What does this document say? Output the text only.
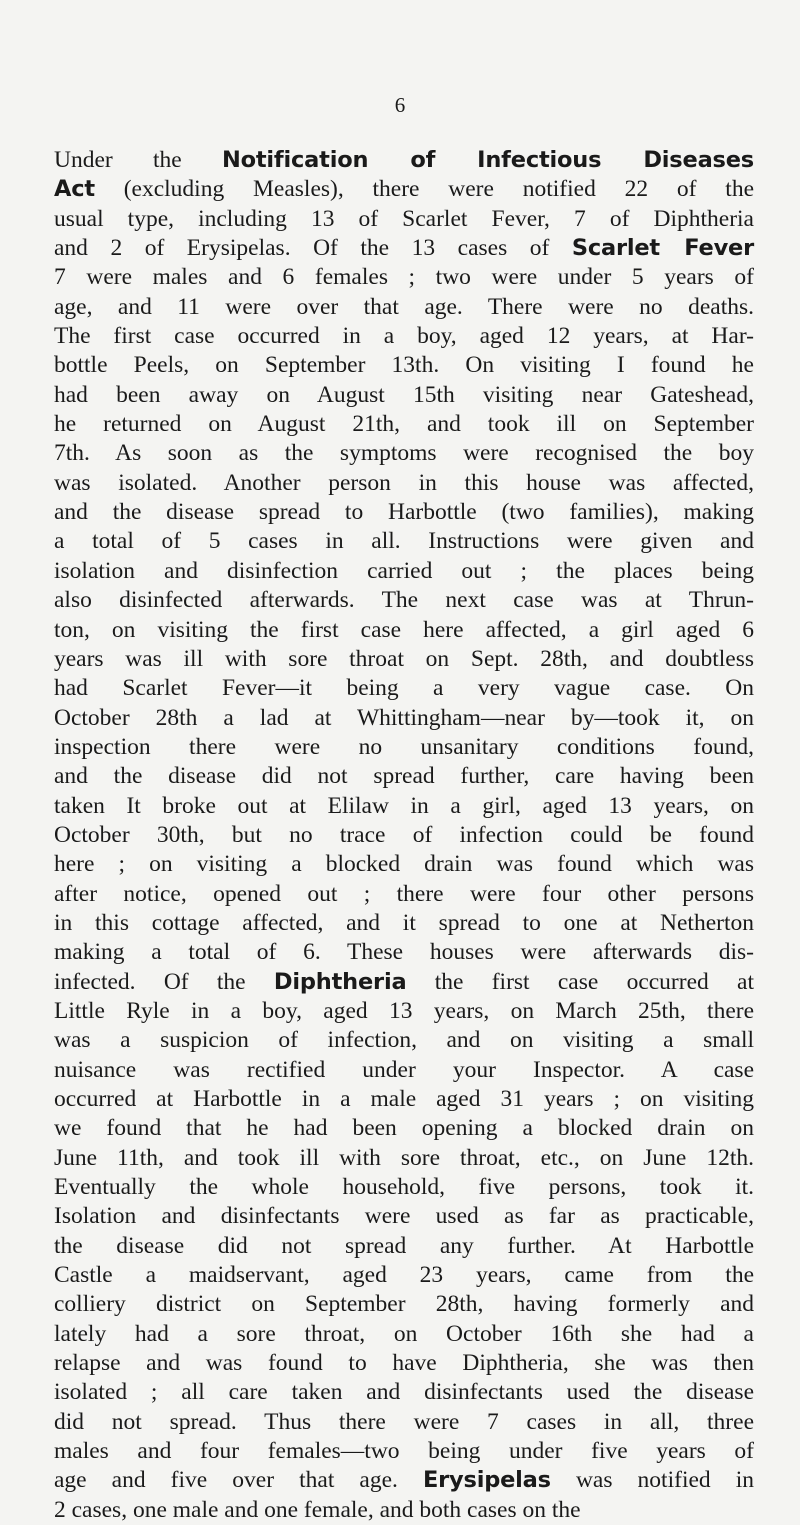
6
Under the Notification of Infectious Diseases
Act (excluding Measles), there were notified 22 of the
usual type, including 13 of Scarlet Fever, 7 of Diphtheria
and 2 of Erysipelas. Of the 13 cases of Scarlet Fever
7 were males and 6 females ; two were under 5 years of
age, and 11 were over that age. There were no deaths.
The first case occurred in a boy, aged 12 years, at Har-
bottle Peels, on September 13th. On visiting I found he
had been away on August 15th visiting near Gateshead,
he returned on August 21th, and took ill on September
7th. As soon as the symptoms were recognised the boy
was isolated. Another person in this house was affected,
and the disease spread to Harbottle (two families), making
a total of 5 cases in all. Instructions were given and
isolation and disinfection carried out ; the places being
also disinfected afterwards. The next case was at Thrun-
ton, on visiting the first case here affected, a girl aged 6
years was ill with sore throat on Sept. 28th, and doubtless
had Scarlet Fever—it being a very vague case. On
October 28th a lad at Whittingham—near by—took it, on
inspection there were no unsanitary conditions found,
and the disease did not spread further, care having been
taken It broke out at Elilaw in a girl, aged 13 years, on
October 30th, but no trace of infection could be found
here ; on visiting a blocked drain was found which was
after notice, opened out ; there were four other persons
in this cottage affected, and it spread to one at Netherton
making a total of 6. These houses were afterwards dis-
infected. Of the Diphtheria the first case occurred at
Little Ryle in a boy, aged 13 years, on March 25th, there
was a suspicion of infection, and on visiting a small
nuisance was rectified under your Inspector. A case
occurred at Harbottle in a male aged 31 years ; on visiting
we found that he had been opening a blocked drain on
June 11th, and took ill with sore throat, etc., on June 12th.
Eventually the whole household, five persons, took it.
Isolation and disinfectants were used as far as practicable,
the disease did not spread any further. At Harbottle
Castle a maidservant, aged 23 years, came from the
colliery district on September 28th, having formerly and
lately had a sore throat, on October 16th she had a
relapse and was found to have Diphtheria, she was then
isolated ; all care taken and disinfectants used the disease
did not spread. Thus there were 7 cases in all, three
males and four females—two being under five years of
age and five over that age. Erysipelas was notified in
2 cases, one male and one female, and both cases on the
